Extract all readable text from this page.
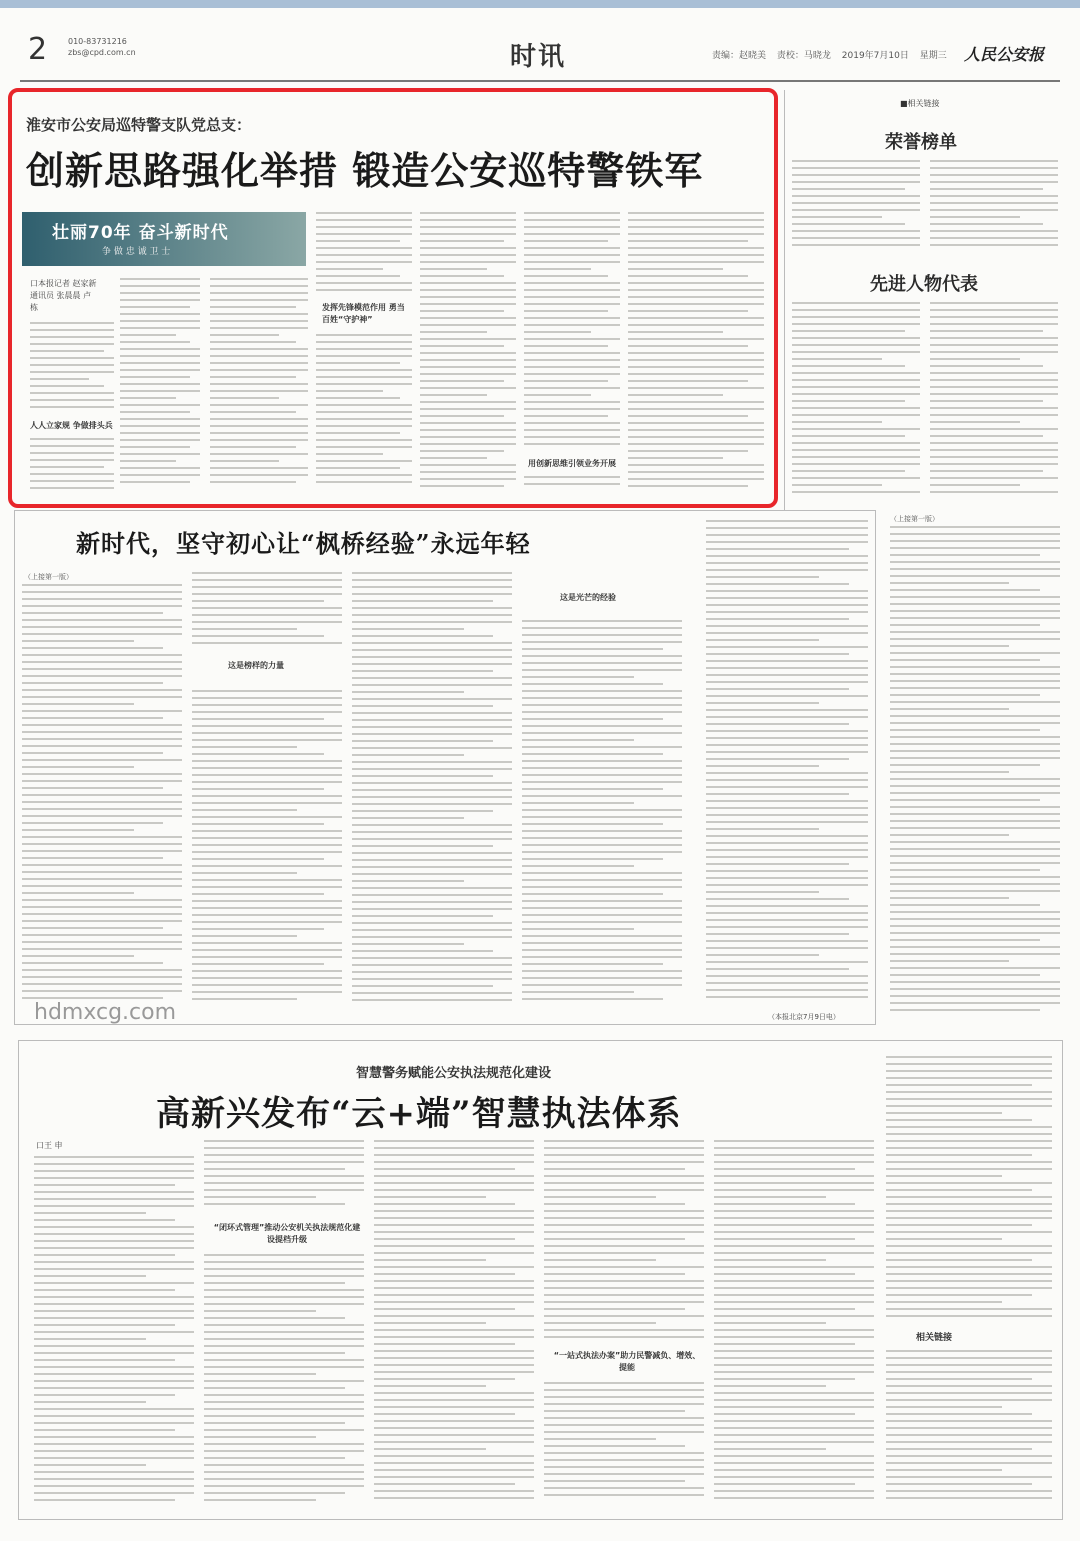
2	010-83731216
zbs@cpd.com.cn	时讯	责编：赵晓美 责校：马晓龙 2019年7月10日 星期三	人民公安报
淮安市公安局巡特警支队党总支：
创新思路强化举措 锻造公安巡特警铁军
壮丽70年 奋斗新时代
争 做 忠 诚 卫 士
口本报记者 赵家新 通讯员 张晨晨 卢 栋
人人立家规 争做排头兵
发挥先锋模范作用 勇当百姓“守护神”
用创新思维引领业务开展
■相关链接
荣誉榜单
先进人物代表
新时代，坚守初心让“枫桥经验”永远年轻
（上接第一版）
这是榜样的力量
这是光芒的经验
（本报北京7月9日电）
hdmxcg.com
（上接第一版）
智慧警务赋能公安执法规范化建设
高新兴发布“云+端”智慧执法体系
口王 申
“闭环式管理”推动公安机关执法规范化建设提档升级
“一站式执法办案”助力民警减负、增效、提能
相关链接
